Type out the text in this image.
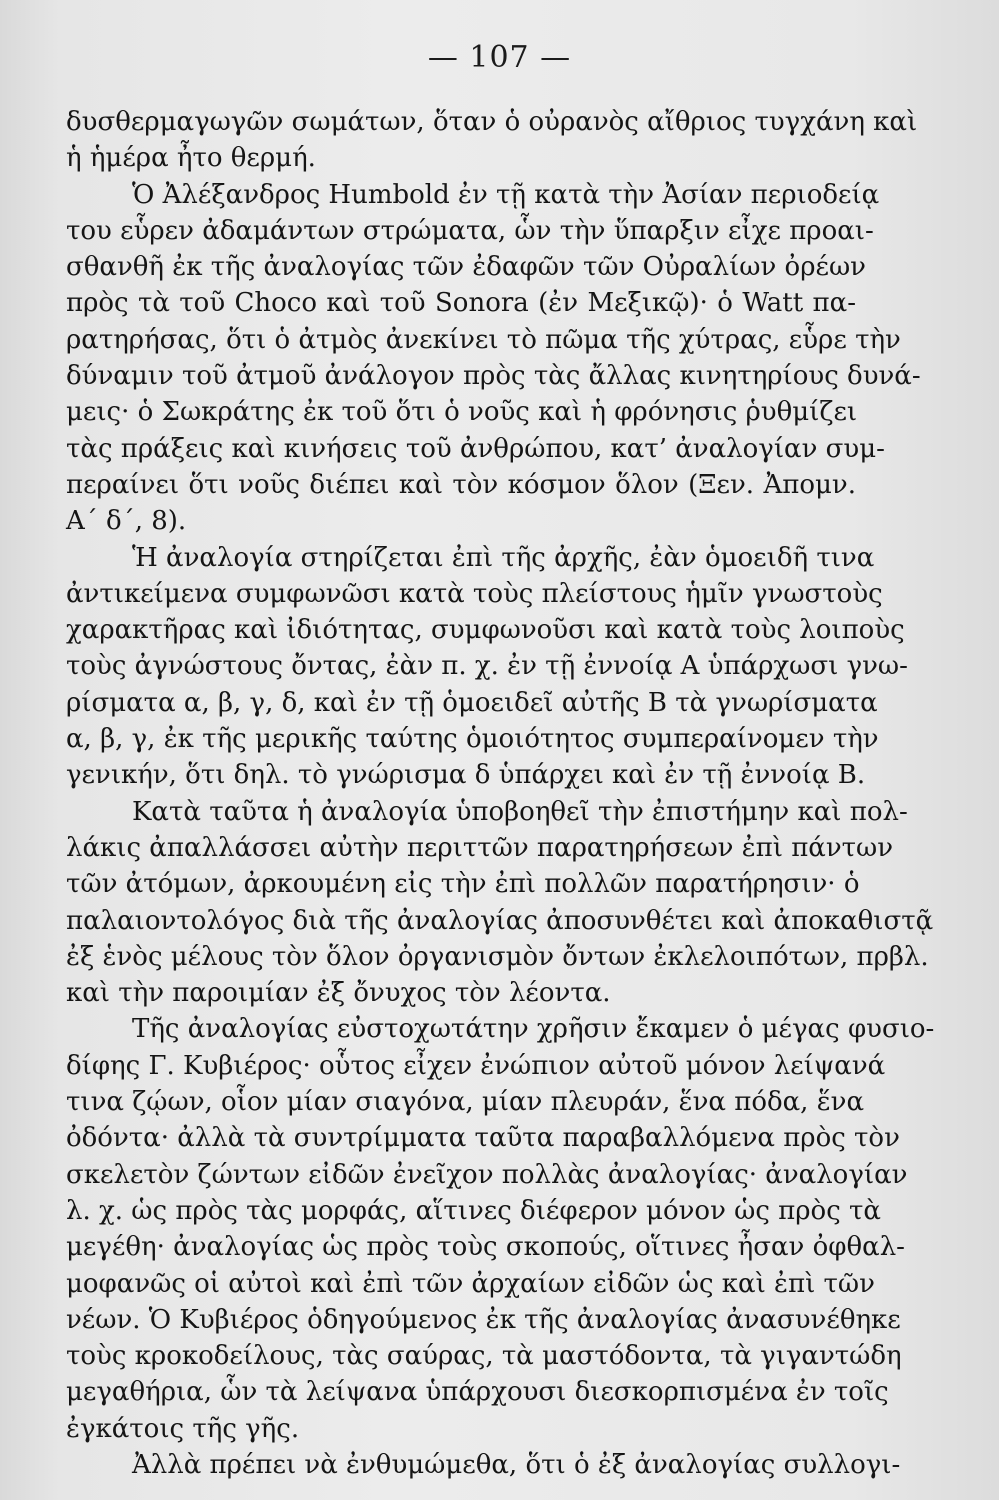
— 107 —
δυσθερμαγωγῶν σωμάτων, ὅταν ὁ οὐρανὸς αἴθριος τυγχάνη καὶ
ἡ ἡμέρα ἦτο θερμή.
Ὁ Ἀλέξανδρος Humbold ἐν τῇ κατὰ τὴν Ἀσίαν περιοδείᾳ
του εὗρεν ἀδαμάντων στρώματα, ὧν τὴν ὕπαρξιν εἶχε προαι-
σθανθῆ ἐκ τῆς ἀναλογίας τῶν ἐδαφῶν τῶν Οὐραλίων ὀρέων
πρὸς τὰ τοῦ Choco καὶ τοῦ Sonora (ἐν Μεξικῷ)· ὁ Watt πα-
ρατηρήσας, ὅτι ὁ ἀτμὸς ἀνεκίνει τὸ πῶμα τῆς χύτρας, εὗρε τὴν
δύναμιν τοῦ ἀτμοῦ ἀνάλογον πρὸς τὰς ἄλλας κινητηρίους δυνά-
μεις· ὁ Σωκράτης ἐκ τοῦ ὅτι ὁ νοῦς καὶ ἡ φρόνησις ῥυθμίζει
τὰς πράξεις καὶ κινήσεις τοῦ ἀνθρώπου, κατ’ ἀναλογίαν συμ-
περαίνει ὅτι νοῦς διέπει καὶ τὸν κόσμον ὅλον (Ξεν. Ἀπομν.
Α΄ δ΄, 8).
Ἡ ἀναλογία στηρίζεται ἐπὶ τῆς ἀρχῆς, ἐὰν ὁμοειδῆ τινα
ἀντικείμενα συμφωνῶσι κατὰ τοὺς πλείστους ἡμῖν γνωστοὺς
χαρακτῆρας καὶ ἰδιότητας, συμφωνοῦσι καὶ κατὰ τοὺς λοιποὺς
τοὺς ἀγνώστους ὄντας, ἐὰν π. χ. ἐν τῇ ἐννοίᾳ Α ὑπάρχωσι γνω-
ρίσματα α, β, γ, δ, καὶ ἐν τῇ ὁμοειδεῖ αὐτῆς Β τὰ γνωρίσματα
α, β, γ, ἐκ τῆς μερικῆς ταύτης ὁμοιότητος συμπεραίνομεν τὴν
γενικήν, ὅτι δηλ. τὸ γνώρισμα δ ὑπάρχει καὶ ἐν τῇ ἐννοίᾳ Β.
Κατὰ ταῦτα ἡ ἀναλογία ὑποβοηθεῖ τὴν ἐπιστήμην καὶ πολ-
λάκις ἀπαλλάσσει αὐτὴν περιττῶν παρατηρήσεων ἐπὶ πάντων
τῶν ἀτόμων, ἀρκουμένη εἰς τὴν ἐπὶ πολλῶν παρατήρησιν· ὁ
παλαιοντολόγος διὰ τῆς ἀναλογίας ἀποσυνθέτει καὶ ἀποκαθιστᾷ
ἐξ ἑνὸς μέλους τὸν ὅλον ὀργανισμὸν ὄντων ἐκλελοιπότων, πρβλ.
καὶ τὴν παροιμίαν ἐξ ὄνυχος τὸν λέοντα.
Τῆς ἀναλογίας εὐστοχωτάτην χρῆσιν ἔκαμεν ὁ μέγας φυσιο-
δίφης Γ. Κυβιέρος· οὗτος εἶχεν ἐνώπιον αὐτοῦ μόνον λείψανά
τινα ζῴων, οἷον μίαν σιαγόνα, μίαν πλευράν, ἕνα πόδα, ἕνα
ὀδόντα· ἀλλὰ τὰ συντρίμματα ταῦτα παραβαλλόμενα πρὸς τὸν
σκελετὸν ζώντων εἰδῶν ἐνεῖχον πολλὰς ἀναλογίας· ἀναλογίαν
λ. χ. ὡς πρὸς τὰς μορφάς, αἵτινες διέφερον μόνον ὡς πρὸς τὰ
μεγέθη· ἀναλογίας ὡς πρὸς τοὺς σκοπούς, οἵτινες ἦσαν ὀφθαλ-
μοφανῶς οἱ αὐτοὶ καὶ ἐπὶ τῶν ἀρχαίων εἰδῶν ὡς καὶ ἐπὶ τῶν
νέων. Ὁ Κυβιέρος ὁδηγούμενος ἐκ τῆς ἀναλογίας ἀνασυνέθηκε
τοὺς κροκοδείλους, τὰς σαύρας, τὰ μαστόδοντα, τὰ γιγαντώδη
μεγαθήρια, ὧν τὰ λείψανα ὑπάρχουσι διεσκορπισμένα ἐν τοῖς
ἐγκάτοις τῆς γῆς.
Ἀλλὰ πρέπει νὰ ἐνθυμώμεθα, ὅτι ὁ ἐξ ἀναλογίας συλλογι-
